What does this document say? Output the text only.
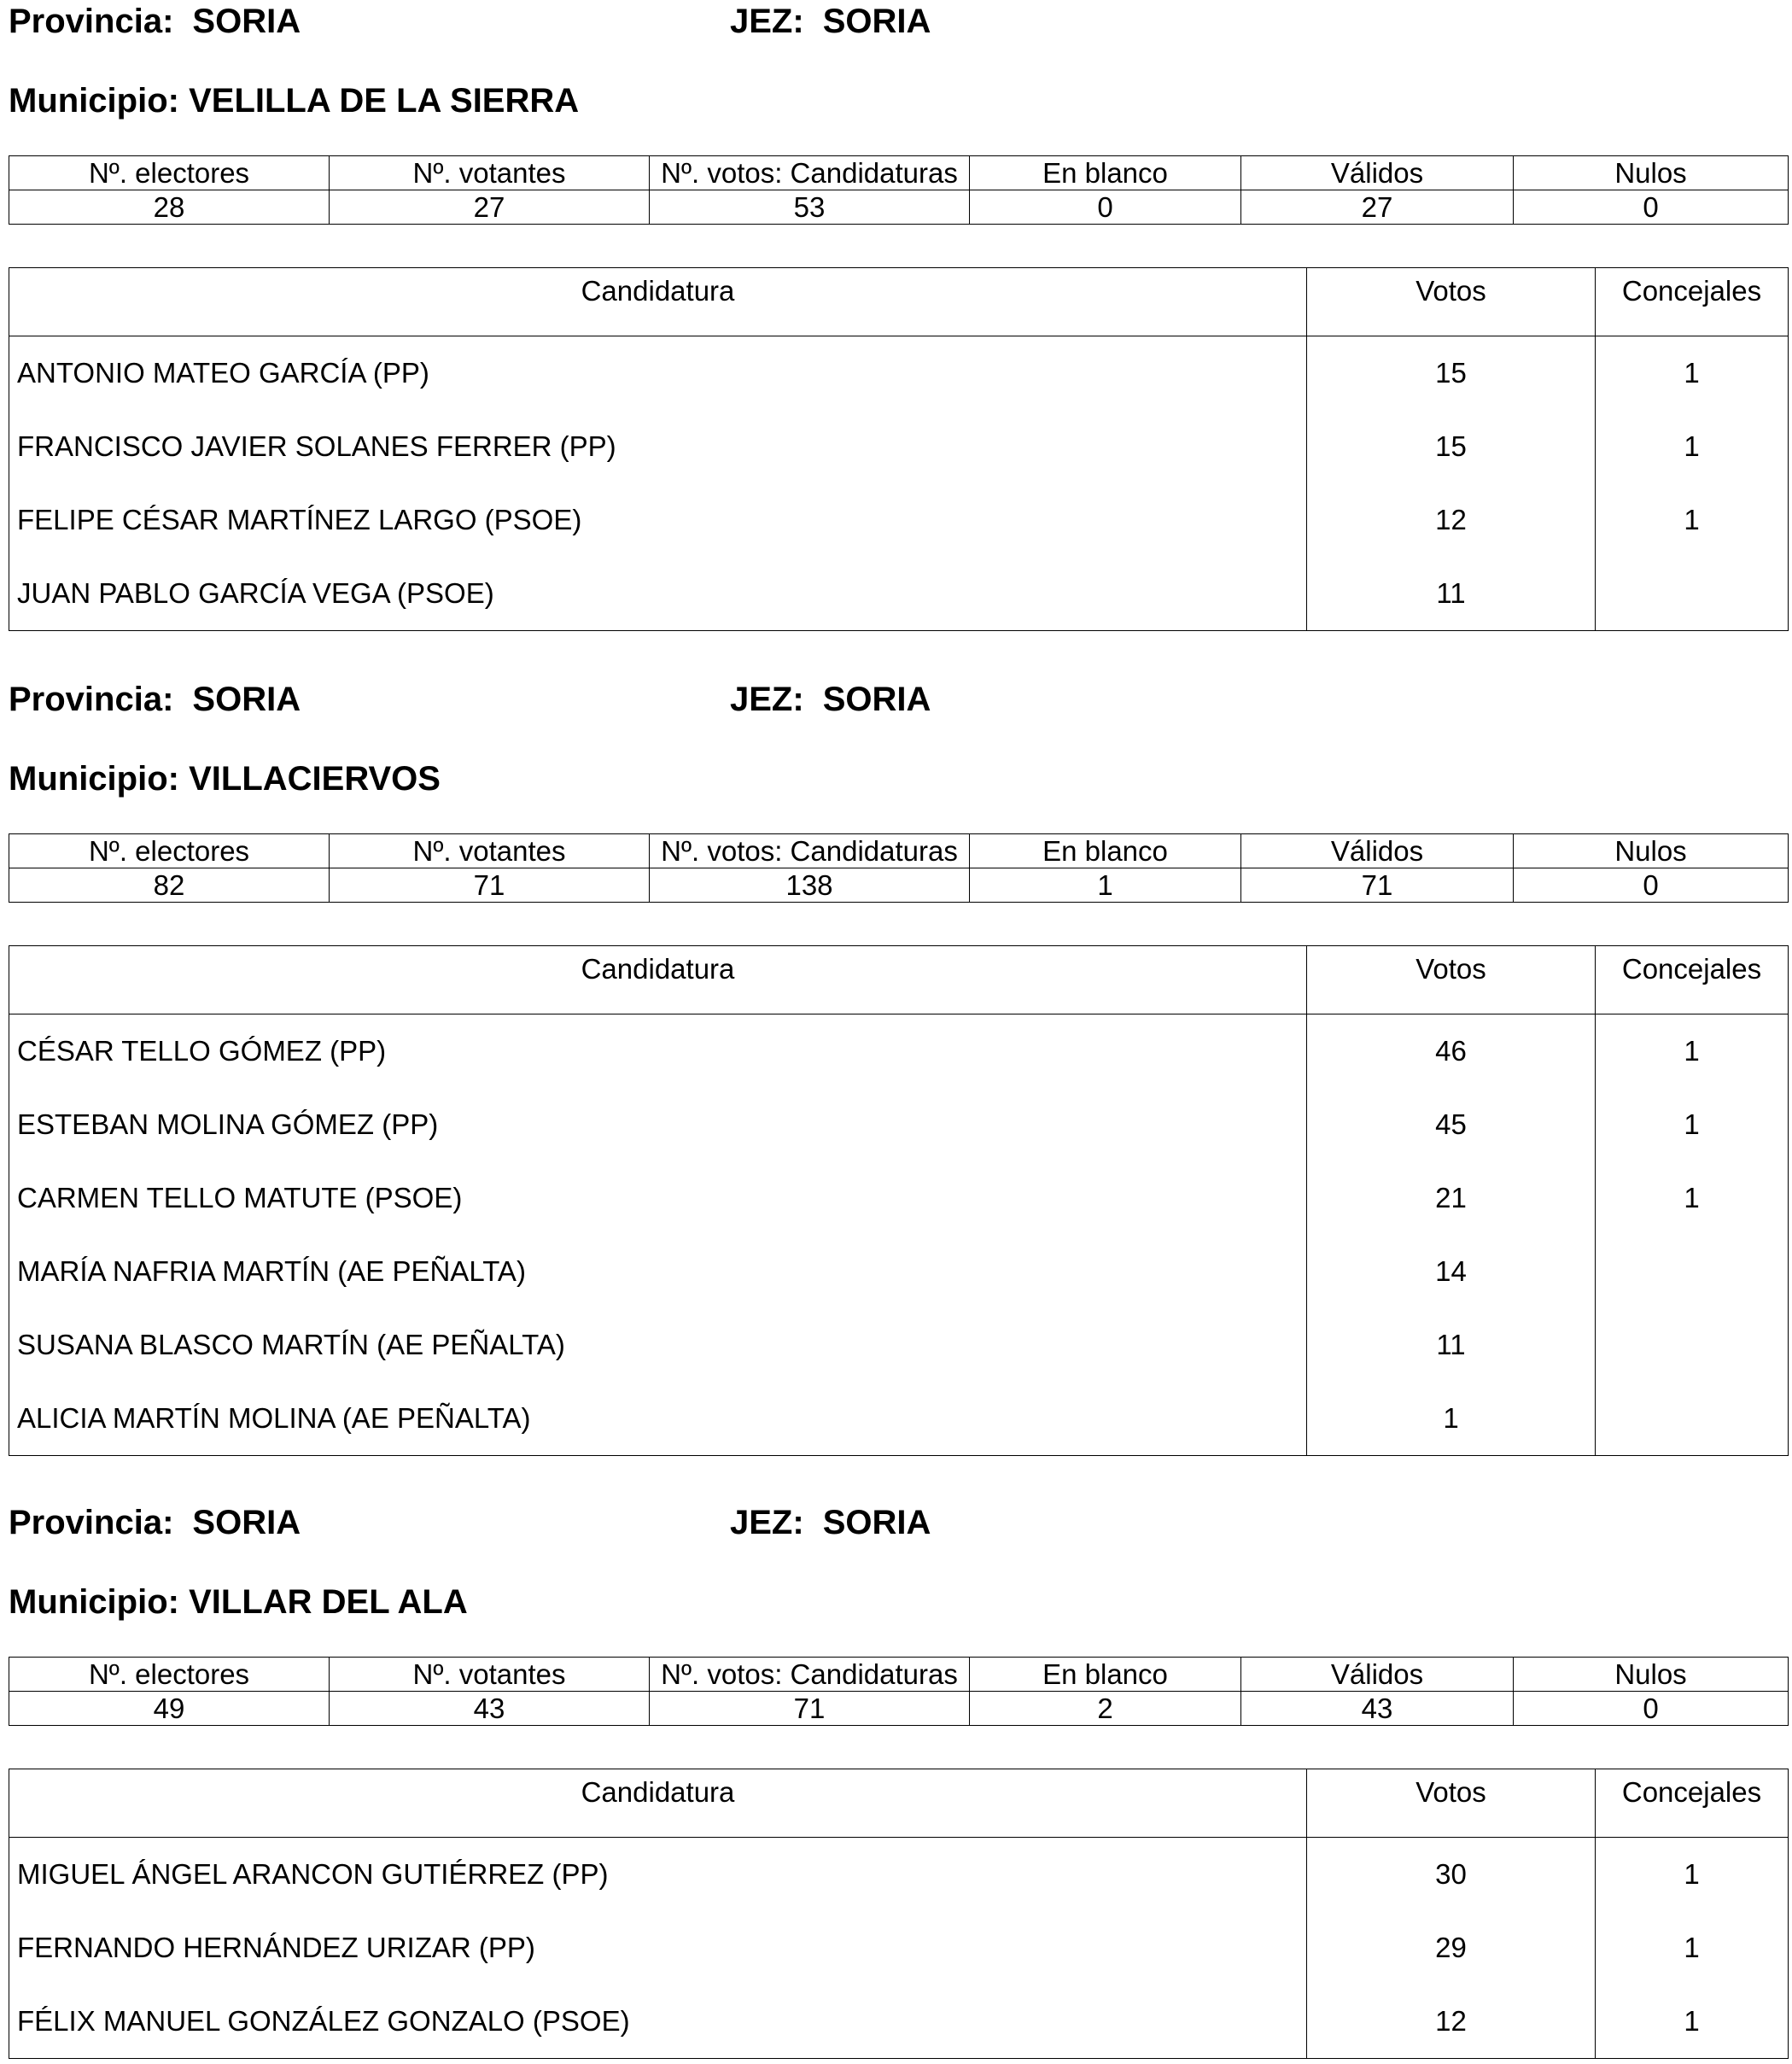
Provincia: SORIA	JEZ: SORIA
Municipio: VELILLA DE LA SIERRA
Nº. electores	Nº. votantes	Nº. votos: Candidaturas	En blanco	Válidos	Nulos
28	27	53	0	27	0
Candidatura	Votos	Concejales
ANTONIO MATEO GARCÍA (PP)	15	1
FRANCISCO JAVIER SOLANES FERRER (PP)	15	1
FELIPE CÉSAR MARTÍNEZ LARGO (PSOE)	12	1
JUAN PABLO GARCÍA VEGA (PSOE)	11	
Provincia: SORIA	JEZ: SORIA
Municipio: VILLACIERVOS
Nº. electores	Nº. votantes	Nº. votos: Candidaturas	En blanco	Válidos	Nulos
82	71	138	1	71	0
Candidatura	Votos	Concejales
CÉSAR TELLO GÓMEZ (PP)	46	1
ESTEBAN MOLINA GÓMEZ (PP)	45	1
CARMEN TELLO MATUTE (PSOE)	21	1
MARÍA NAFRIA MARTÍN (AE PEÑALTA)	14	
SUSANA BLASCO MARTÍN (AE PEÑALTA)	11	
ALICIA MARTÍN MOLINA (AE PEÑALTA)	1	
Provincia: SORIA	JEZ: SORIA
Municipio: VILLAR DEL ALA
Nº. electores	Nº. votantes	Nº. votos: Candidaturas	En blanco	Válidos	Nulos
49	43	71	2	43	0
Candidatura	Votos	Concejales
MIGUEL ÁNGEL ARANCON GUTIÉRREZ (PP)	30	1
FERNANDO HERNÁNDEZ URIZAR (PP)	29	1
FÉLIX MANUEL GONZÁLEZ GONZALO (PSOE)	12	1
